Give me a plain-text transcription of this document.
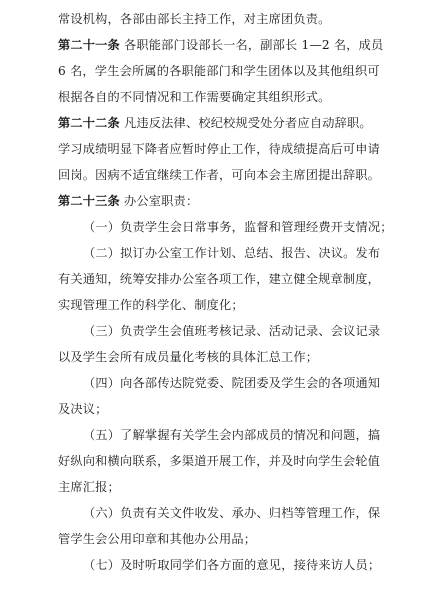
常设机构，各部由部长主持工作，对主席团负责。
第二十一条 各职能部门设部长一名，副部长 1—2 名，成员
6 名，学生会所属的各职能部门和学生团体以及其他组织可
根据各自的不同情况和工作需要确定其组织形式。
第二十二条 凡违反法律、校纪校规受处分者应自动辞职。
学习成绩明显下降者应暂时停止工作，待成绩提高后可申请
回岗。因病不适宜继续工作者，可向本会主席团提出辞职。
第二十三条 办公室职责：
（一）负责学生会日常事务，监督和管理经费开支情况；
（二）拟订办公室工作计划、总结、报告、决议。发布
有关通知，统筹安排办公室各项工作，建立健全规章制度，
实现管理工作的科学化、制度化；
（三）负责学生会值班考核记录、活动记录、会议记录
以及学生会所有成员量化考核的具体汇总工作；
（四）向各部传达院党委、院团委及学生会的各项通知
及决议；
（五）了解掌握有关学生会内部成员的情况和问题，搞
好纵向和横向联系，多渠道开展工作，并及时向学生会轮值
主席汇报；
（六）负责有关文件收发、承办、归档等管理工作，保
管学生会公用印章和其他办公用品；
（七）及时听取同学们各方面的意见，接待来访人员；
